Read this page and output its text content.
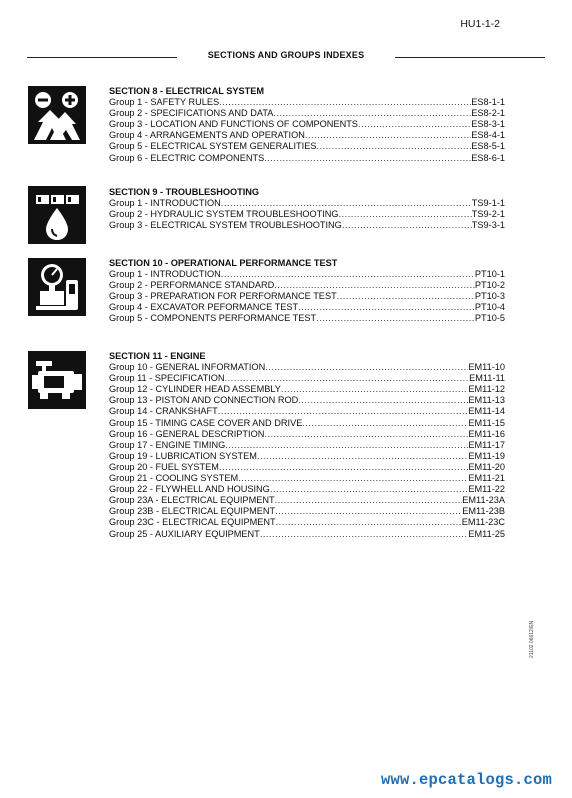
HU1-1-2
SECTIONS AND GROUPS INDEXES
SECTION 8 - ELECTRICAL SYSTEM
Group 1 - SAFETY RULES .....	ES8-1-1
Group 2 - SPECIFICATIONS AND DATA .....	ES8-2-1
Group 3 - LOCATION AND FUNCTIONS OF COMPONENTS .....	ES8-3-1
Group 4 - ARRANGEMENTS AND OPERATION .....	ES8-4-1
Group 5 - ELECTRICAL SYSTEM GENERALITIES .....	ES8-5-1
Group 6 - ELECTRIC COMPONENTS .....	ES8-6-1
SECTION 9 - TROUBLESHOOTING
Group 1 - INTRODUCTION .....	TS9-1-1
Group 2 - HYDRAULIC SYSTEM TROUBLESHOOTING .....	TS9-2-1
Group 3 - ELECTRICAL SYSTEM TROUBLESHOOTING .....	TS9-3-1
SECTION 10 - OPERATIONAL PERFORMANCE TEST
Group 1 - INTRODUCTION .....	PT10-1
Group 2 - PERFORMANCE STANDARD .....	PT10-2
Group 3 - PREPARATION FOR PERFORMANCE TEST .....	PT10-3
Group 4 - EXCAVATOR PEFORMANCE TEST .....	PT10-4
Group 5 - COMPONENTS PERFORMANCE TEST .....	PT10-5
SECTION 11 - ENGINE
Group 10 - GENERAL INFORMATION .....	EM11-10
Group 11 - SPECIFICATION .....	EM11-11
Group 12 - CYLINDER HEAD ASSEMBLY .....	EM11-12
Group 13 - PISTON AND CONNECTION ROD .....	EM11-13
Group 14 - CRANKSHAFT .....	EM11-14
Group 15 - TIMING CASE COVER AND DRIVE .....	EM11-15
Group 16 - GENERAL DESCRIPTION .....	EM11-16
Group 17 - ENGINE TIMING .....	EM11-17
Group 19 - LUBRICATION SYSTEM .....	EM11-19
Group 20 - FUEL SYSTEM .....	EM11-20
Group 21 - COOLING SYSTEM .....	EM11-21
Group 22 - FLYWHELL AND HOUSING .....	EM11-22
Group 23A - ELECTRICAL EQUIPMENT .....	EM11-23A
Group 23B - ELECTRICAL EQUIPMENT .....	EM11-23B
Group 23C - ELECTRICAL EQUIPMENT .....	EM11-23C
Group 25 - AUXILIARY EQUIPMENT .....	EM11-25
21102 06612/EN
www.epcatalogs.com
